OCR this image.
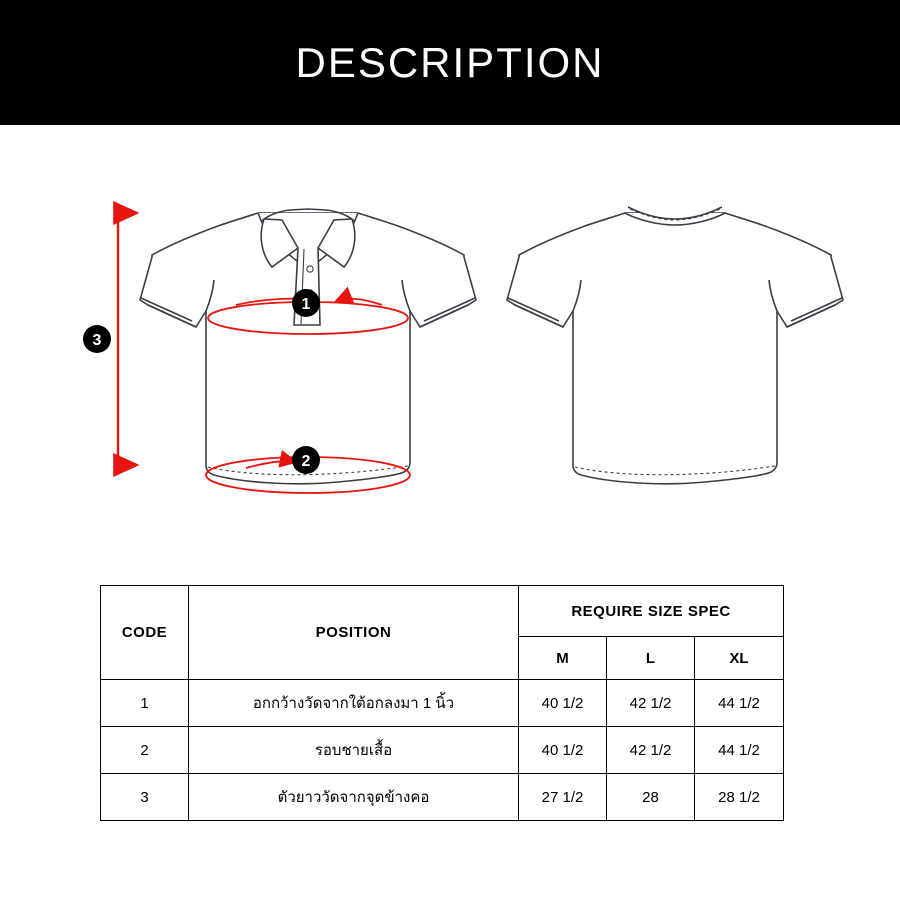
DESCRIPTION
1
2
3
CODE	POSITION	REQUIRE SIZE SPEC		
		M	L	XL
1	อกกว้างวัดจากใต้อกลงมา 1 นิ้ว	40 1/2	42 1/2	44 1/2
2	รอบชายเสื้อ	40 1/2	42 1/2	44 1/2
3	ตัวยาววัดจากจุดข้างคอ	27 1/2	28	28 1/2
